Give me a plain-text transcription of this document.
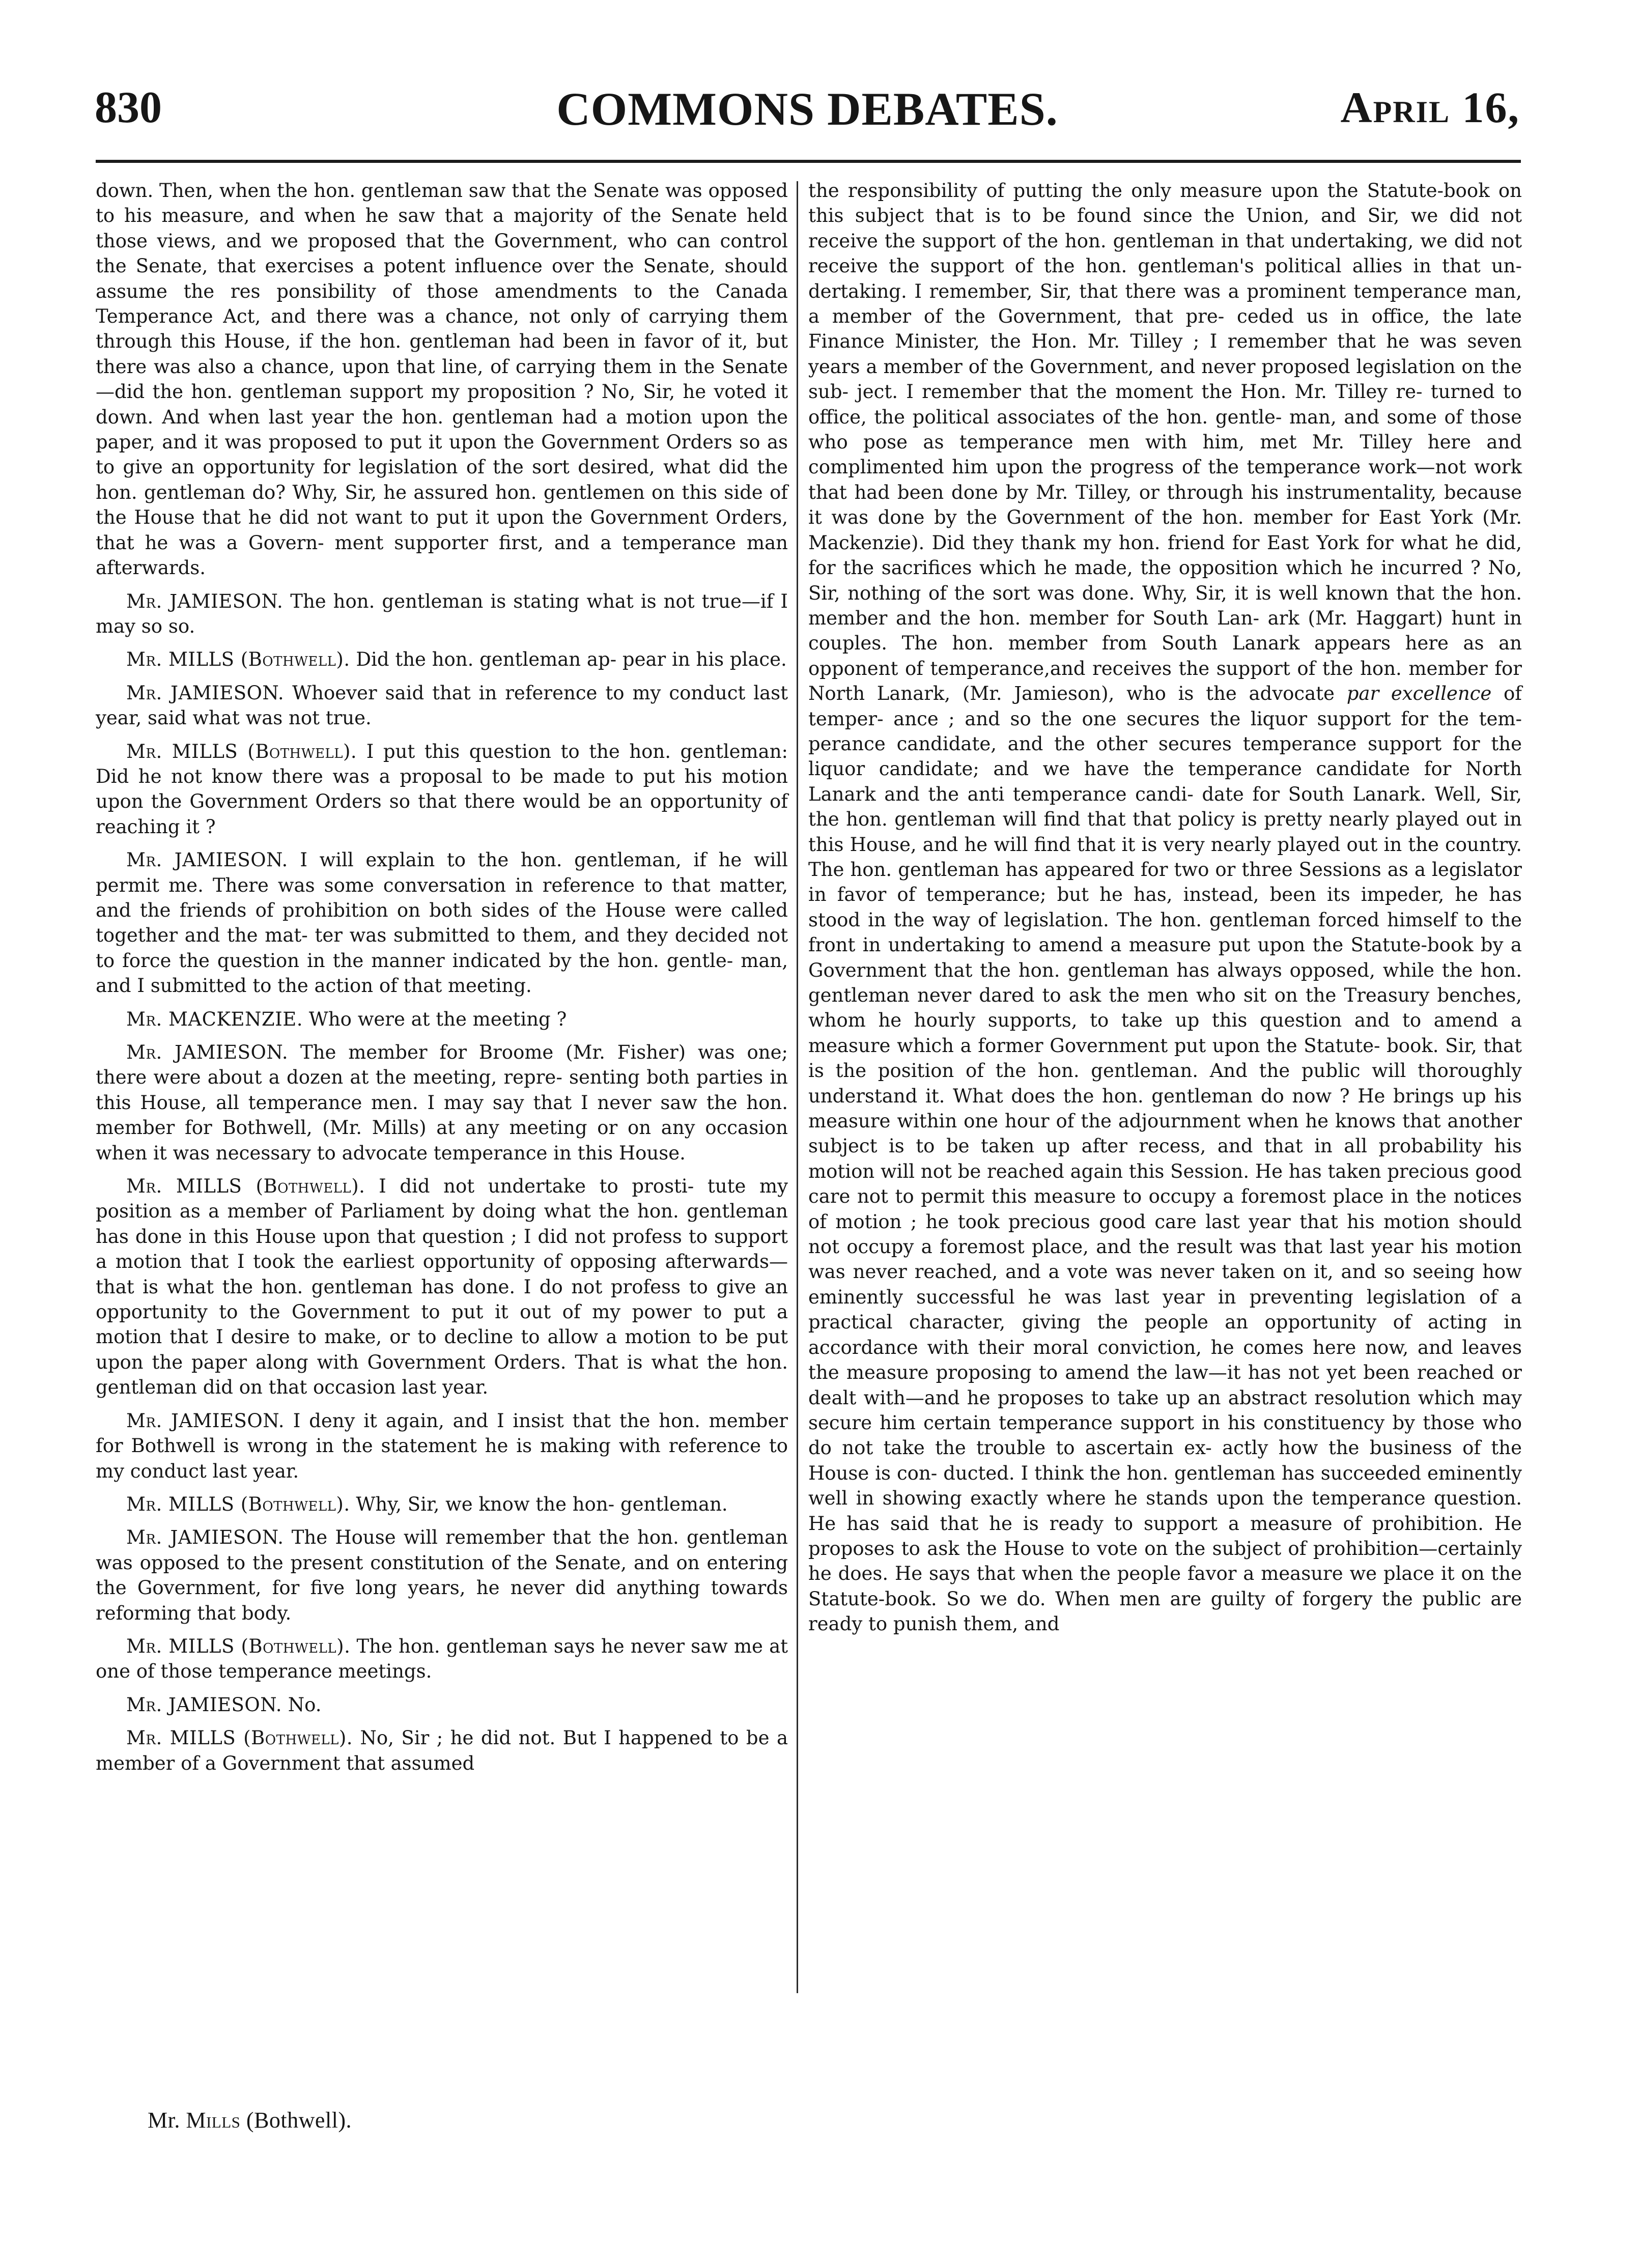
830	COMMONS DEBATES.	April 16,

down. Then, when the hon. gentleman saw that the Senate was opposed to his measure, and when he saw that a majority of the Senate held those views, and we proposed that the Government, who can control the Senate, that exercises a potent influence over the Senate, should assume the res ponsibility of those amendments to the Canada Temperance Act, and there was a chance, not only of carrying them through this House, if the hon. gentleman had been in favor of it, but there was also a chance, upon that line, of carrying them in the Senate—did the hon. gentleman support my proposition ? No, Sir, he voted it down. And when last year the hon. gentleman had a motion upon the paper, and it was proposed to put it upon the Government Orders so as to give an opportunity for legislation of the sort desired, what did the hon. gentleman do? Why, Sir, he assured hon. gentlemen on this side of the House that he did not want to put it upon the Government Orders, that he was a Govern- ment supporter first, and a temperance man afterwards.

Mr. JAMIESON. The hon. gentleman is stating what is not true—if I may so so.

Mr. MILLS (Bothwell). Did the hon. gentleman ap- pear in his place.

Mr. JAMIESON. Whoever said that in reference to my conduct last year, said what was not true.

Mr. MILLS (Bothwell). I put this question to the hon. gentleman: Did he not know there was a proposal to be made to put his motion upon the Government Orders so that there would be an opportunity of reaching it ?

Mr. JAMIESON. I will explain to the hon. gentleman, if he will permit me. There was some conversation in reference to that matter, and the friends of prohibition on both sides of the House were called together and the mat- ter was submitted to them, and they decided not to force the question in the manner indicated by the hon. gentle- man, and I submitted to the action of that meeting.

Mr. MACKENZIE. Who were at the meeting ?

Mr. JAMIESON. The member for Broome (Mr. Fisher) was one; there were about a dozen at the meeting, repre- senting both parties in this House, all temperance men. I may say that I never saw the hon. member for Bothwell, (Mr. Mills) at any meeting or on any occasion when it was necessary to advocate temperance in this House.

Mr. MILLS (Bothwell). I did not undertake to prosti- tute my position as a member of Parliament by doing what the hon. gentleman has done in this House upon that question ; I did not profess to support a motion that I took the earliest opportunity of opposing afterwards—that is what the hon. gentleman has done. I do not profess to give an opportunity to the Government to put it out of my power to put a motion that I desire to make, or to decline to allow a motion to be put upon the paper along with Government Orders. That is what the hon. gentleman did on that occasion last year.

Mr. JAMIESON. I deny it again, and I insist that the hon. member for Bothwell is wrong in the statement he is making with reference to my conduct last year.

Mr. MILLS (Bothwell). Why, Sir, we know the hon- gentleman.

Mr. JAMIESON. The House will remember that the hon. gentleman was opposed to the present constitution of the Senate, and on entering the Government, for five long years, he never did anything towards reforming that body.

Mr. MILLS (Bothwell). The hon. gentleman says he never saw me at one of those temperance meetings.

Mr. JAMIESON. No.

Mr. MILLS (Bothwell). No, Sir ; he did not. But I happened to be a member of a Government that assumed

the responsibility of putting the only measure upon the Statute-book on this subject that is to be found since the Union, and Sir, we did not receive the support of the hon. gentleman in that undertaking, we did not receive the support of the hon. gentleman's political allies in that un- dertaking. I remember, Sir, that there was a prominent temperance man, a member of the Government, that pre- ceded us in office, the late Finance Minister, the Hon. Mr. Tilley ; I remember that he was seven years a member of the Government, and never proposed legislation on the sub- ject. I remember that the moment the Hon. Mr. Tilley re- turned to office, the political associates of the hon. gentle- man, and some of those who pose as temperance men with him, met Mr. Tilley here and complimented him upon the progress of the temperance work—not work that had been done by Mr. Tilley, or through his instrumentality, because it was done by the Government of the hon. member for East York (Mr. Mackenzie). Did they thank my hon. friend for East York for what he did, for the sacrifices which he made, the opposition which he incurred ? No, Sir, nothing of the sort was done. Why, Sir, it is well known that the hon. member and the hon. member for South Lan- ark (Mr. Haggart) hunt in couples. The hon. member from South Lanark appears here as an opponent of temperance,and receives the support of the hon. member for North Lanark, (Mr. Jamieson), who is the advocate par excellence of temper- ance ; and so the one secures the liquor support for the tem- perance candidate, and the other secures temperance support for the liquor candidate; and we have the temperance candidate for North Lanark and the anti temperance candi- date for South Lanark. Well, Sir, the hon. gentleman will find that that policy is pretty nearly played out in this House, and he will find that it is very nearly played out in the country. The hon. gentleman has appeared for two or three Sessions as a legislator in favor of temperance; but he has, instead, been its impeder, he has stood in the way of legislation. The hon. gentleman forced himself to the front in undertaking to amend a measure put upon the Statute-book by a Government that the hon. gentleman has always opposed, while the hon. gentleman never dared to ask the men who sit on the Treasury benches, whom he hourly supports, to take up this question and to amend a measure which a former Government put upon the Statute- book. Sir, that is the position of the hon. gentleman. And the public will thoroughly understand it. What does the hon. gentleman do now ? He brings up his measure within one hour of the adjournment when he knows that another subject is to be taken up after recess, and that in all probability his motion will not be reached again this Session. He has taken precious good care not to permit this measure to occupy a foremost place in the notices of motion ; he took precious good care last year that his motion should not occupy a foremost place, and the result was that last year his motion was never reached, and a vote was never taken on it, and so seeing how eminently successful he was last year in preventing legislation of a practical character, giving the people an opportunity of acting in accordance with their moral conviction, he comes here now, and leaves the measure proposing to amend the law—it has not yet been reached or dealt with—and he proposes to take up an abstract resolution which may secure him certain temperance support in his constituency by those who do not take the trouble to ascertain ex- actly how the business of the House is con- ducted. I think the hon. gentleman has succeeded eminently well in showing exactly where he stands upon the temperance question. He has said that he is ready to support a measure of prohibition. He proposes to ask the House to vote on the subject of prohibition—certainly he does. He says that when the people favor a measure we place it on the Statute-book. So we do. When men are guilty of forgery the public are ready to punish them, and

Mr. Mills (Bothwell).
